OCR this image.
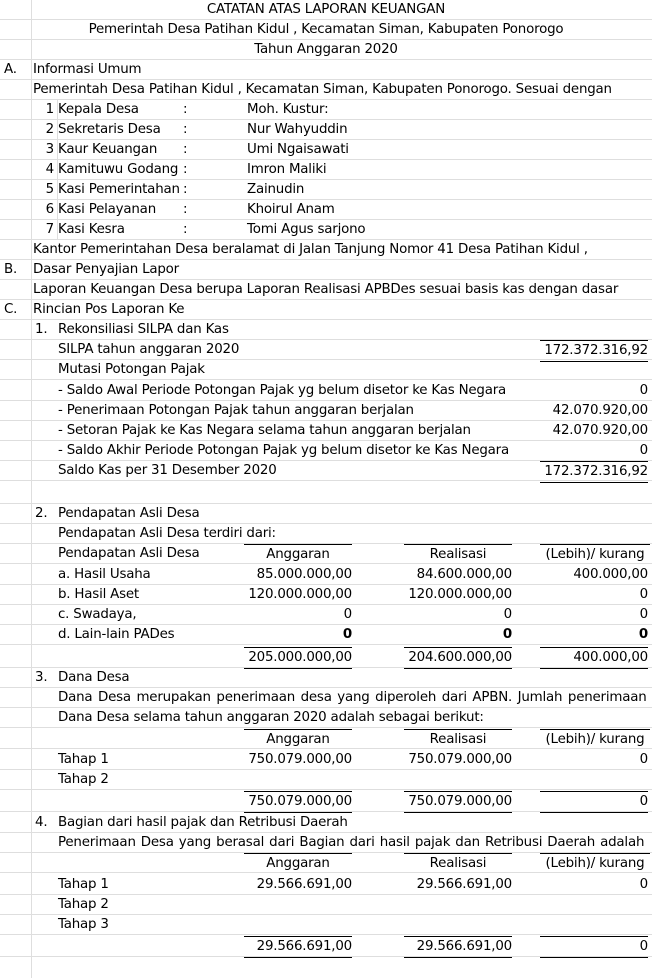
CATATAN ATAS LAPORAN KEUANGAN
Pemerintah Desa Patihan Kidul , Kecamatan Siman, Kabupaten Ponorogo
Tahun Anggaran 2020
A. Informasi Umum
Pemerintah Desa Patihan Kidul , Kecamatan Siman, Kabupaten Ponorogo. Sesuai dengan
1 Kepala Desa	:	Moh. Kustur:
2 Sekretaris Desa :	Nur Wahyuddin
3 Kaur Keuangan :	Umi Ngaisawati
4 Kamituwu Godang :	Imron Maliki
5 Kasi Pemerintahan :	Zainudin
6 Kasi Pelayanan :	Khoirul Anam
7 Kasi Kesra	:	Tomi Agus sarjono
Kantor Pemerintahan Desa beralamat di Jalan Tanjung Nomor 41 Desa Patihan Kidul ,
B. Dasar Penyajian Lapor
Laporan Keuangan Desa berupa Laporan Realisasi APBDes sesuai basis kas dengan dasar
C. Rincian Pos Laporan Ke
1. Rekonsiliasi SILPA dan Kas
SILPA tahun anggaran 2020	172.372.316,92
Mutasi Potongan Pajak
- Saldo Awal Periode Potongan Pajak yg belum disetor ke Kas Negara	0
- Penerimaan Potongan Pajak tahun anggaran berjalan	42.070.920,00
- Setoran Pajak ke Kas Negara selama tahun anggaran berjalan	42.070.920,00
- Saldo Akhir Periode Potongan Pajak yg belum disetor ke Kas Negara	0
Saldo Kas per 31 Desember 2020	172.372.316,92
2. Pendapatan Asli Desa
Pendapatan Asli Desa terdiri dari:
Pendapatan Asli Desa	Anggaran	Realisasi	(Lebih)/ kurang
a. Hasil Usaha	85.000.000,00	84.600.000,00	400.000,00
b. Hasil Aset	120.000.000,00	120.000.000,00	0
c. Swadaya,	0	0	0
d. Lain-lain PADes	0	0	0
205.000.000,00	204.600.000,00	400.000,00
3. Dana Desa
Dana Desa merupakan penerimaan desa yang diperoleh dari APBN. Jumlah penerimaan
Dana Desa selama tahun anggaran 2020 adalah sebagai berikut:
Anggaran	Realisasi	(Lebih)/ kurang
Tahap 1	750.079.000,00	750.079.000,00	0
Tahap 2
750.079.000,00	750.079.000,00	0
4. Bagian dari hasil pajak dan Retribusi Daerah
Penerimaan Desa yang berasal dari Bagian dari hasil pajak dan Retribusi Daerah adalah
Anggaran	Realisasi	(Lebih)/ kurang
Tahap 1	29.566.691,00	29.566.691,00	0
Tahap 2
Tahap 3
29.566.691,00	29.566.691,00	0
